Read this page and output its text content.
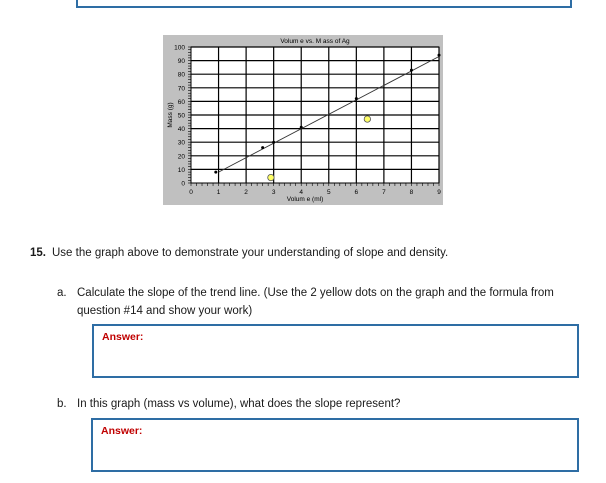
0
10
20
30
40
50
60
70
80
90
100
0	1	2	3	4	5	6	7	8	9
Volum e vs. M ass of Ag
Volum e (ml)
Mass (g)
15. Use the graph above to demonstrate your understanding of slope and density.
a. Calculate the slope of the trend line. (Use the 2 yellow dots on the graph and the formula from
question #14 and show your work)
Answer:
b. In this graph (mass vs volume), what does the slope represent?
Answer:
